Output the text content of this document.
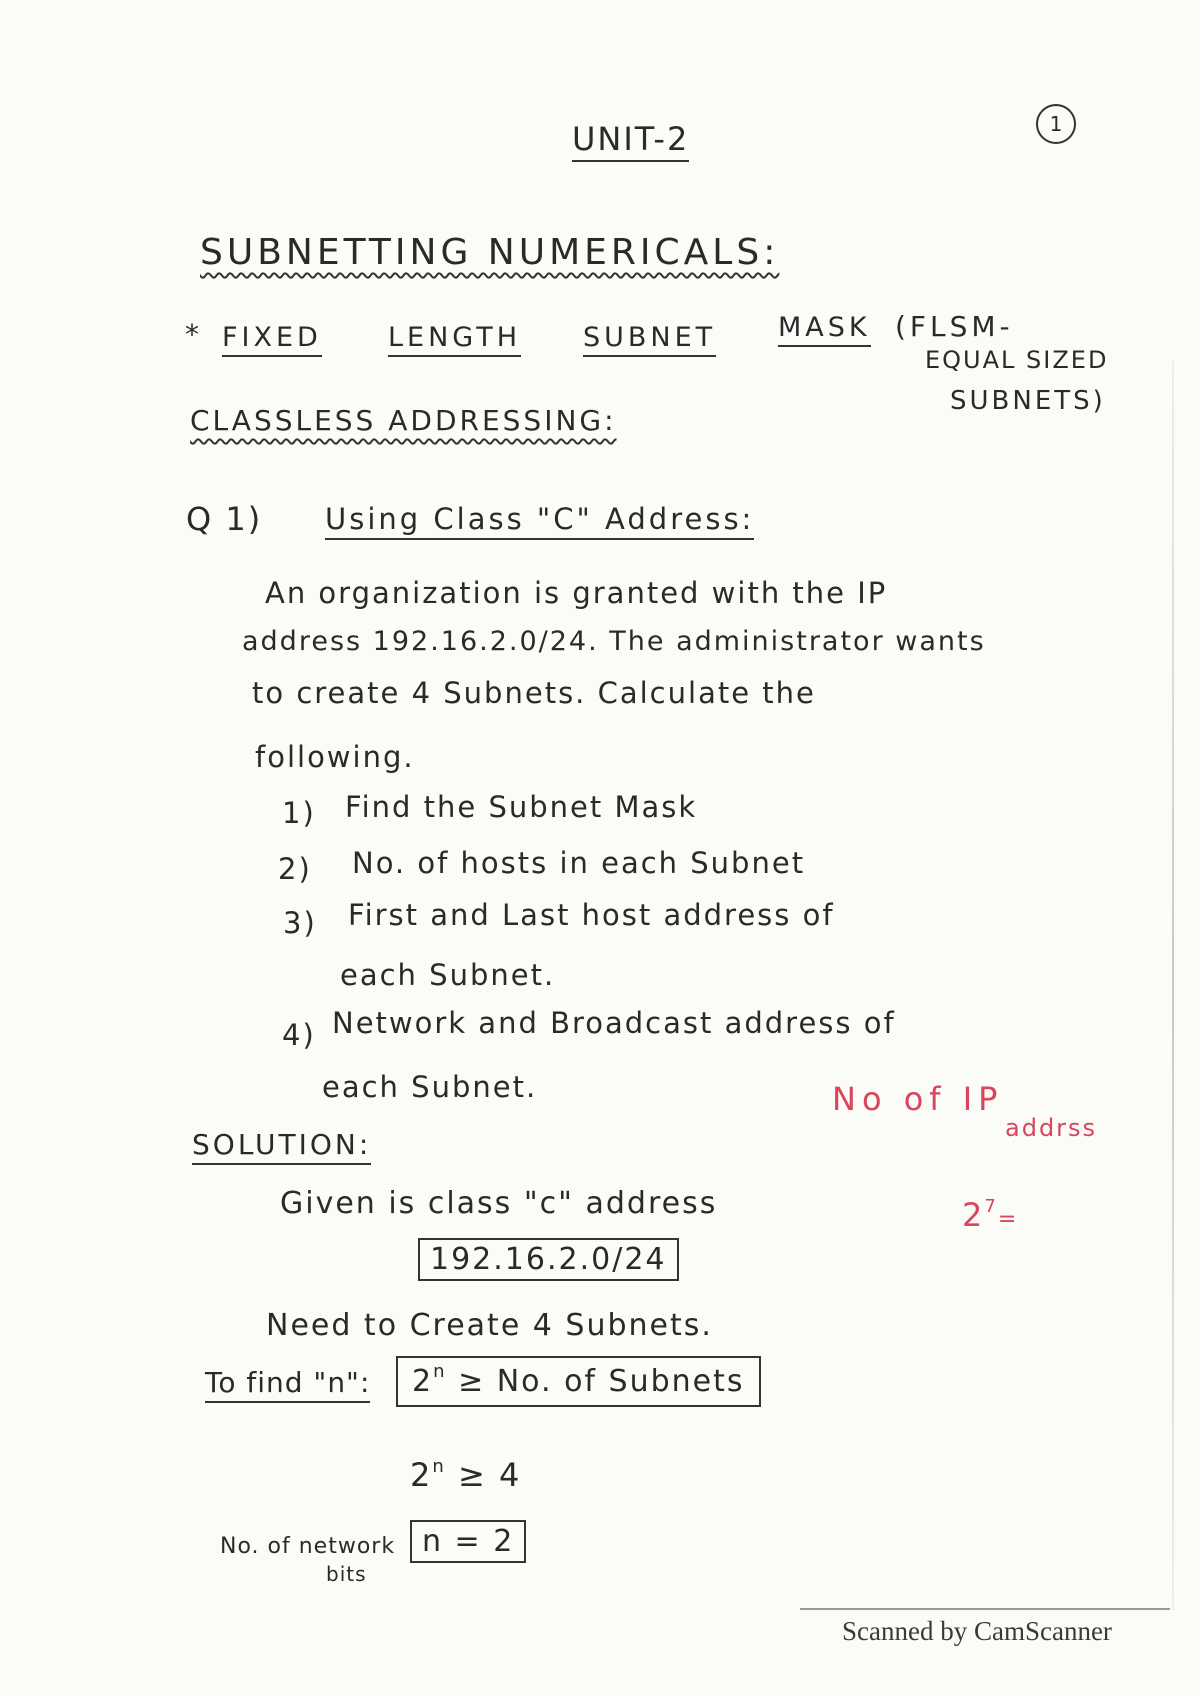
UNIT-2	1
SUBNETTING NUMERICALS:
* FIXED LENGTH SUBNET MASK (FLSM-
EQUAL SIZED
SUBNETS)
CLASSLESS ADDRESSING:
Q 1) Using Class "C" Address:
An organization is granted with the IP
address 192.16.2.0/24. The administrator wants
to create 4 Subnets. Calculate the
following.
1) Find the Subnet Mask
2) No. of hosts in each Subnet
3) First and Last host address of
each Subnet.
4) Network and Broadcast address of
each Subnet.	No of IP
addrss
$2^7=$
SOLUTION:
Given is class "c" address
192.16.2.0/24
Need to Create 4 Subnets.
To find "n":	$2^n \ge No$. of Subnets
$2^n \ge 4$
No. of network
bits
n = 2
Scanned by CamScanner
